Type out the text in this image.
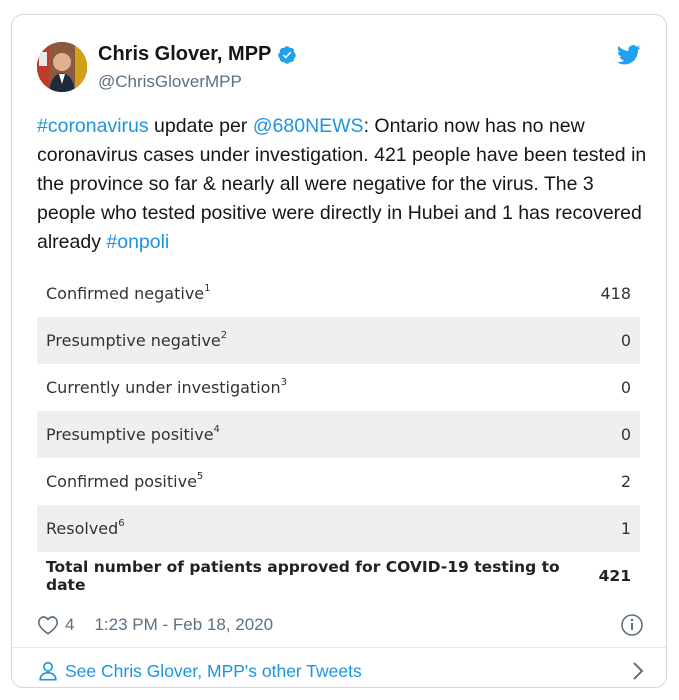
Chris Glover, MPP
@ChrisGloverMPP
#coronavirus update per @680NEWS: Ontario now has no new coronavirus cases under investigation. 421 people have been tested in the province so far & nearly all were negative for the virus. The 3 people who tested positive were directly in Hubei and 1 has recovered already #onpoli
Confirmed negative$^1$	418
Presumptive negative$^2$	0
Currently under investigation$^3$	0
Presumptive positive$^4$	0
Confirmed positive$^5$	2
Resolved$^6$	1
Total number of patients approved for COVID-19 testing to date	421
4 1:23 PM - Feb 18, 2020
See Chris Glover, MPP's other Tweets
